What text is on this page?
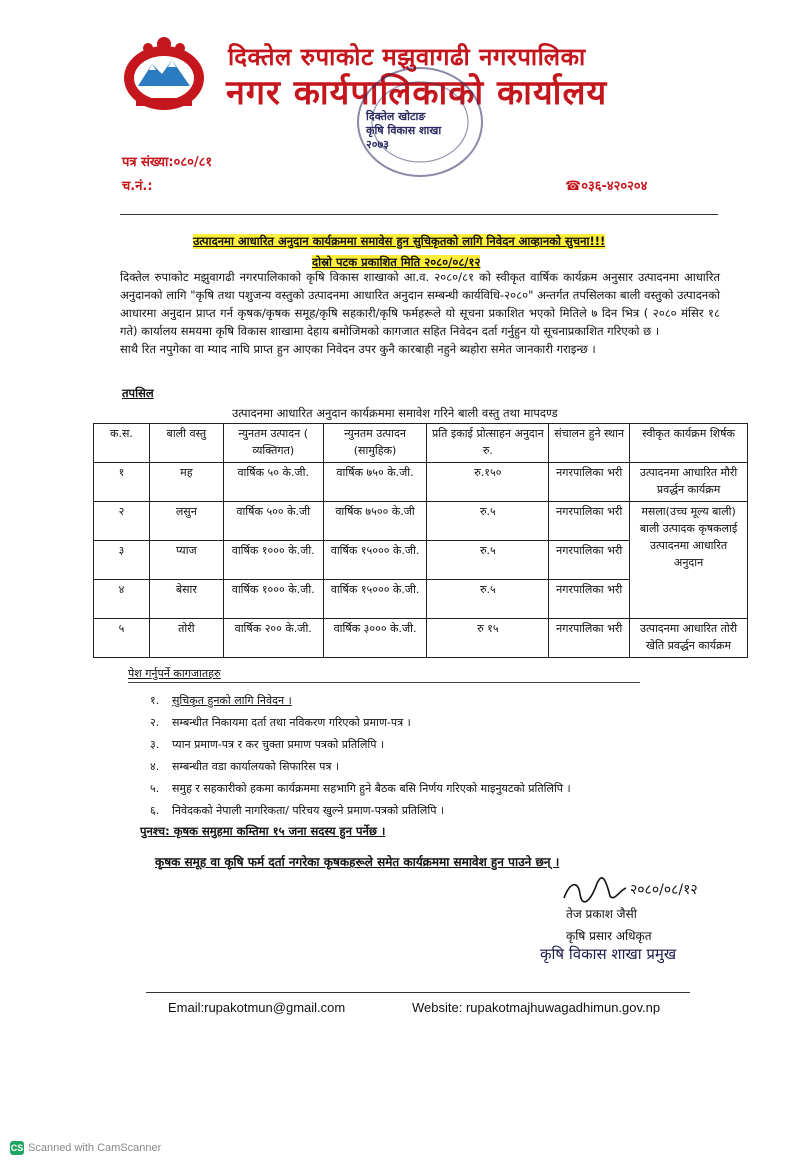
दिक्तेल रुपाकोट मझुवागढी नगरपालिका
नगर कार्यपालिकाको कार्यालय
दिक्तेल खोटाङ
कृषि विकास शाखा
२०७३
पत्र संख्या:०८०/८१
च.नं.:	☎०३६-४२०२०४
उत्पादनमा आधारित अनुदान कार्यक्रममा समावेस हुन सुचिकृतको लागि निवेदन आव्हानको सुचना!!!
दोस्रो पटक प्रकाशित मिति २०८०/०८/१२

दिक्तेल रुपाकोट मझुवागढी नगरपालिकाको कृषि विकास शाखाको आ.व. २०८०/८१ को स्वीकृत वार्षिक कार्यक्रम अनुसार उत्पादनमा आधारित अनुदानको लागि "कृषि तथा पशुजन्य वस्तुको उत्पादनमा आधारित अनुदान सम्बन्धी कार्यविधि-२०८०" अन्तर्गत तपसिलका बाली वस्तुको उत्पादनको आधारमा अनुदान प्राप्त गर्न कृषक/कृषक समूह/कृषि सहकारी/कृषि फर्महरूले यो सूचना प्रकाशित भएको मितिले ७ दिन भित्र ( २०८० मंसिर १८ गते) कार्यालय समयमा कृषि विकास शाखामा देहाय बमोजिमको कागजात सहित निवेदन दर्ता गर्नुहुन यो सूचनाप्रकाशित गरिएको छ ।

साथै रित नपुगेका वा म्याद नाघि प्राप्त हुन आएका निवेदन उपर कुनै कारबाही नहुने ब्यहोरा समेत जानकारी गराइन्छ ।

तपसिल
उत्पादनमा आधारित अनुदान कार्यक्रममा समावेश गरिने बाली वस्तु तथा मापदण्ड
क.स.	बाली वस्तु	न्युनतम उत्पादन ( व्यक्तिगत)	न्युनतम उत्पादन (सामुहिक)	प्रति इकाई प्रोत्साहन अनुदान रु.	संचालन हुने स्थान	स्वीकृत कार्यक्रम शिर्षक
१	मह	वार्षिक ५० के.जी.	वार्षिक ७५० के.जी.	रु.१५०	नगरपालिका भरी	उत्पादनमा आधारित मौरी प्रवर्द्धन कार्यक्रम
२	लसुन	वार्षिक ५०० के.जी	वार्षिक ७५०० के.जी	रु.५	नगरपालिका भरी	मसला(उच्च मूल्य बाली) बाली उत्पादक कृषकलाई उत्पादनमा आधारित अनुदान
३	प्याज	वार्षिक १००० के.जी.	वार्षिक १५००० के.जी.	रु.५	नगरपालिका भरी	
४	बेसार	वार्षिक १००० के.जी.	वार्षिक १५००० के.जी.	रु.५	नगरपालिका भरी	
५	तोरी	वार्षिक २०० के.जी.	वार्षिक ३००० के.जी.	रु १५	नगरपालिका भरी	उत्पादनमा आधारित तोरी खेति प्रवर्द्धन कार्यक्रम
पेश गर्नुपर्ने कागजातहरु
१. सुचिकृत हुनको लागि निवेदन ।
२. सम्बन्धीत निकायमा दर्ता तथा नविकरण गरिएको प्रमाण-पत्र ।
३. प्यान प्रमाण-पत्र र कर चुक्ता प्रमाण पत्रको प्रतिलिपि ।
४. सम्बन्धीत वडा कार्यालयको सिफारिस पत्र ।
५. समुह र सहकारीको हकमा कार्यक्रममा सहभागि हुने बैठक बसि निर्णय गरिएको माइनुयटको प्रतिलिपि ।
६. निवेदकको नेपाली नागरिकता/ परिचय खुल्ने प्रमाण-पत्रको प्रतिलिपि ।
पुनश्च: कृषक समुहमा कम्तिमा १५ जना सदस्य हुन पर्नेछ ।
कृषक समूह वा कृषि फर्म दर्ता नगरेका कृषकहरूले समेत कार्यक्रममा समावेश हुन पाउने छन् ।
२०८०/०८/१२
तेज प्रकाश जैसी
कृषि प्रसार अधिकृत
कृषि विकास शाखा प्रमुख
Email:rupakotmun@gmail.com	Website: rupakotmajhuwagadhimun.gov.np
CS Scanned with CamScanner
